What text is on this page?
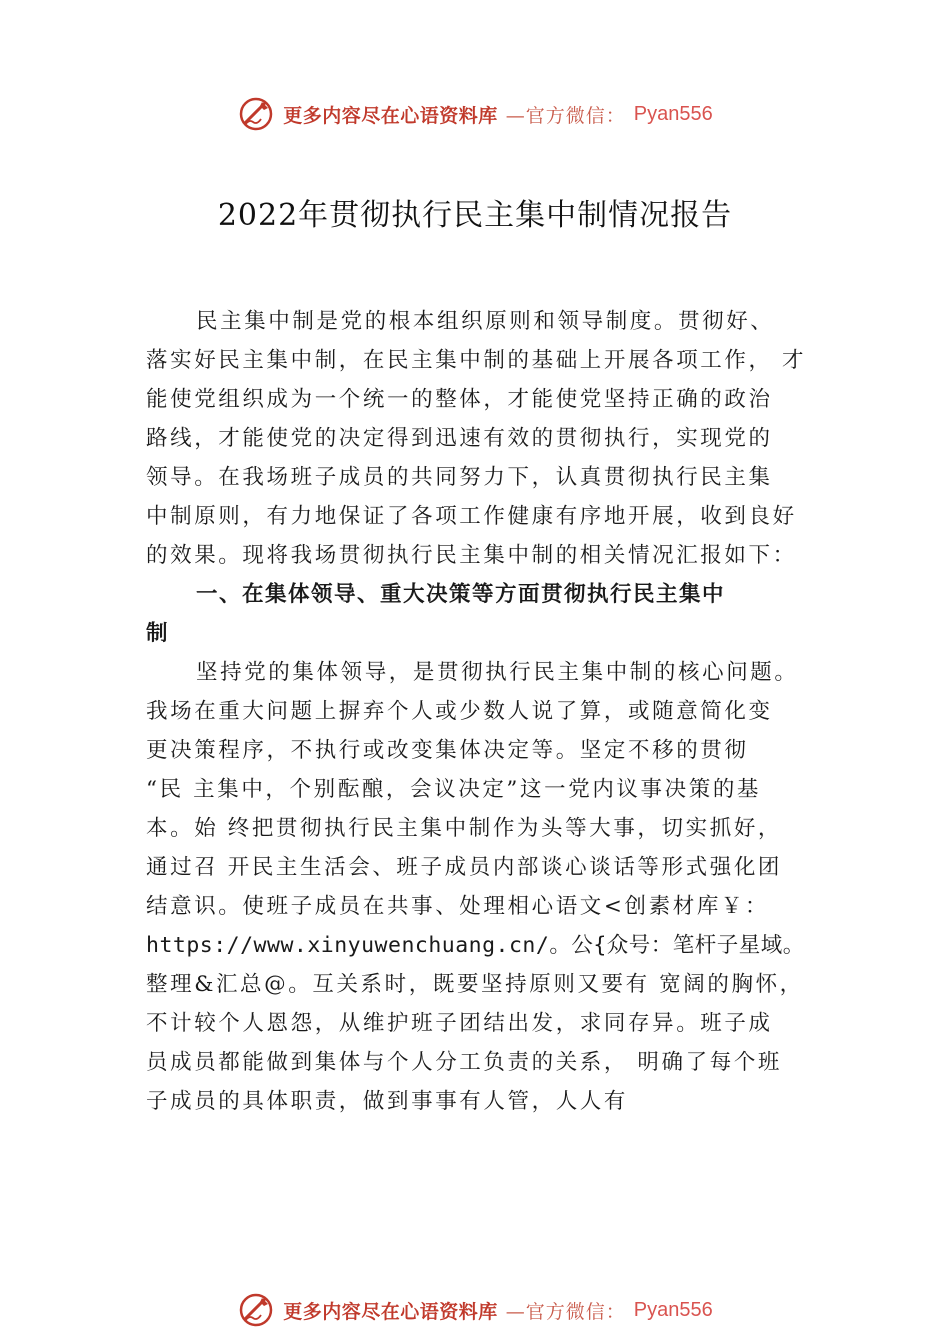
更多内容尽在心语资料库 —官方微信： Pyan556
2022年贯彻执行民主集中制情况报告
民主集中制是党的根本组织原则和领导制度。贯彻好、
落实好民主集中制，在民主集中制的基础上开展各项工作， 才
能使党组织成为一个统一的整体，才能使党坚持正确的政治
路线，才能使党的决定得到迅速有效的贯彻执行，实现党的
领导。在我场班子成员的共同努力下，认真贯彻执行民主集
中制原则，有力地保证了各项工作健康有序地开展，收到良好
的效果。现将我场贯彻执行民主集中制的相关情况汇报如下：
一、在集体领导、重大决策等方面贯彻执行民主集中
制
坚持党的集体领导，是贯彻执行民主集中制的核心问题。
我场在重大问题上摒弃个人或少数人说了算，或随意简化变
更决策程序，不执行或改变集体决定等。坚定不移的贯彻
“民 主集中，个别酝酿，会议决定”这一党内议事决策的基
本。始 终把贯彻执行民主集中制作为头等大事，切实抓好，
通过召 开民主生活会、班子成员内部谈心谈话等形式强化团
结意识。使班子成员在共事、处理相心语文<创素材库￥：
https://www.xinyuwenchuang.cn/。公{众号：笔杆子星域。
整理&汇总@。互关系时，既要坚持原则又要有 宽阔的胸怀，
不计较个人恩怨，从维护班子团结出发，求同存异。班子成
员成员都能做到集体与个人分工负责的关系， 明确了每个班
子成员的具体职责，做到事事有人管，人人有
更多内容尽在心语资料库 —官方微信： Pyan556
